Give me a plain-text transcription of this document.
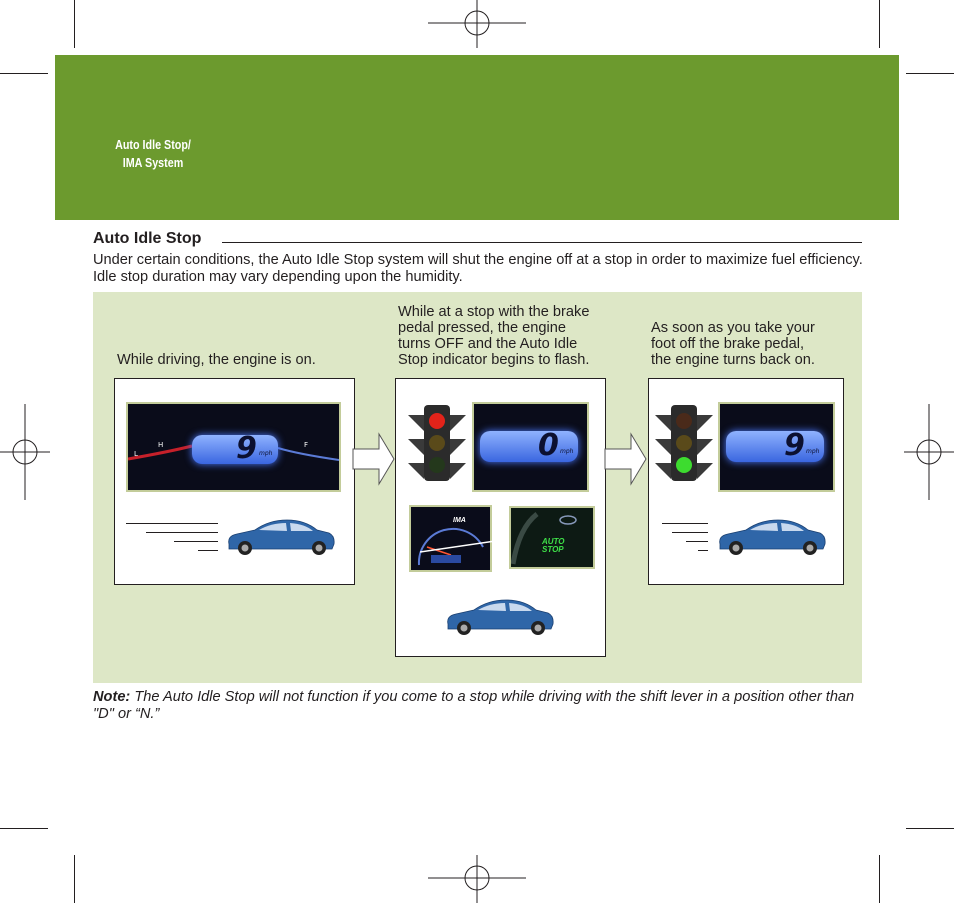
Auto Idle Stop/
IMA System
Auto Idle Stop
Under certain conditions, the Auto Idle Stop system will shut the engine off at a stop in order to maximize fuel efficiency. Idle stop duration may vary depending upon the humidity.
While driving, the engine is on.
While at a stop with the brake
pedal pressed, the engine
turns OFF and the Auto Idle
Stop indicator begins to flash.
As soon as you take your
foot off the brake pedal,
the engine turns back on.
L
H	F
9 mph	0 mph
IMA
AUTO STOP
9 mph
Note: The Auto Idle Stop will not function if you come to a stop while driving with the shift lever in a position other than "D" or “N.”
